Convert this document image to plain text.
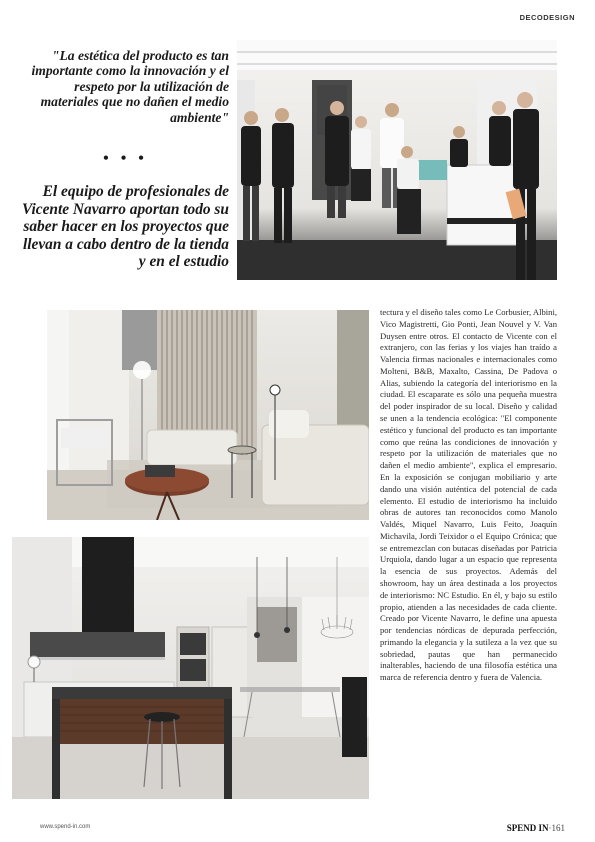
DECODESIGN
"La estética del producto es tan importante como la innovación y el respeto por la utilización de materiales que no dañen el medio ambiente"
• • •
El equipo de profesionales de Vicente Navarro aportan todo su saber hacer en los proyectos que llevan a cabo dentro de la tienda y en el estudio
tectura y el diseño tales como Le Corbusier, Albini, Vico Magistretti, Gio Ponti, Jean Nouvel y V. Van Duysen entre otros. El contacto de Vicente con el extranjero, con las ferias y los viajes han traído a Valencia firmas nacionales e internacionales como Molteni, B&B, Maxalto, Cassina, De Padova o Alias, subiendo la categoría del interiorismo en la ciudad. El escaparate es sólo una pequeña muestra del poder inspirador de su local. Diseño y calidad se unen a la tendencia ecológica: "El componente estético y funcional del producto es tan importante como que reúna las condiciones de innovación y respeto por la utilización de materiales que no dañen el medio ambiente", explica el empresario. En la exposición se conjugan mobiliario y arte dando una visión auténtica del potencial de cada elemento. El estudio de interiorismo ha incluido obras de autores tan reconocidos como Manolo Valdés, Miquel Navarro, Luis Feito, Joaquín Michavila, Jordi Teixidor o el Equipo Crónica; que se entremezclan con butacas diseñadas por Patricia Urquiola, dando lugar a un espacio que representa la esencia de sus proyectos. Además del showroom, hay un área destinada a los proyectos de interiorismo: NC Estudio. En él, y bajo su estilo propio, atienden a las necesidades de cada cliente. Creado por Vicente Navarro, le define una apuesta por tendencias nórdicas de depurada perfección, primando la elegancia y la sutileza a la vez que su sobriedad, pautas que han permanecido inalterables, haciendo de una filosofía estética una marca de referencia dentro y fuera de Valencia.
www.spend-in.com	SPEND IN·161
